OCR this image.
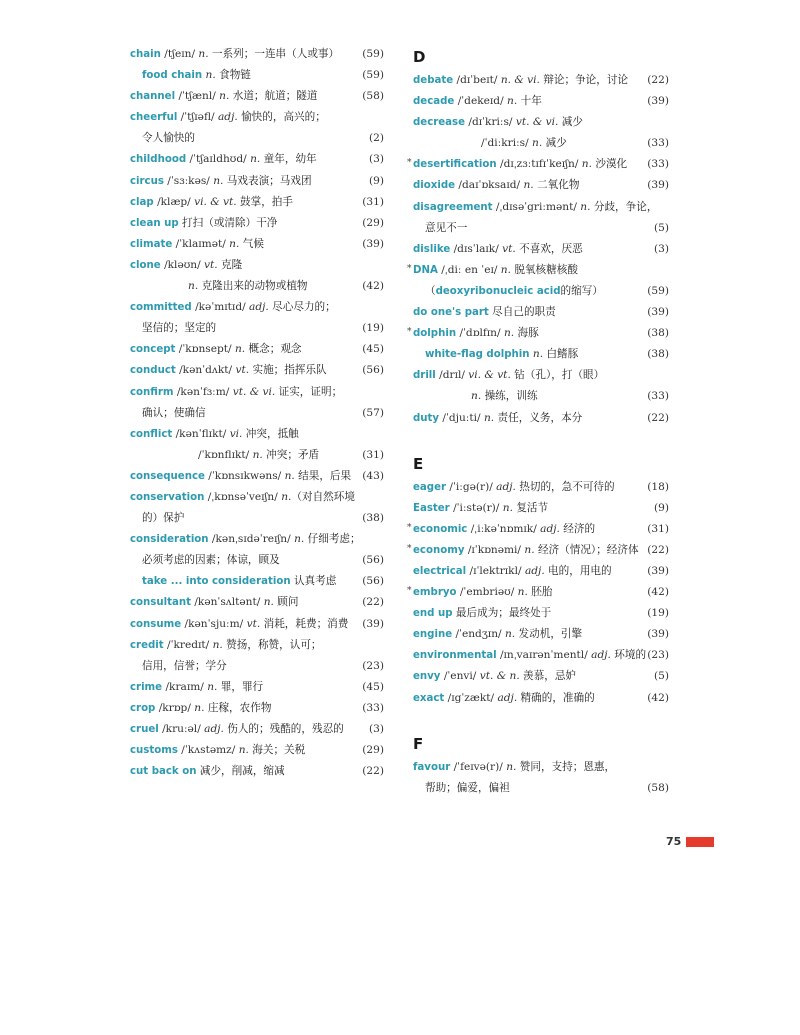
chain /tʃeɪn/ n. 一系列；一连串（人或事） (59)
food chain n. 食物链	(59)
channel /ˈtʃænl/ n. 水道；航道；隧道	(58)
cheerful /ˈtʃɪəfl/ adj. 愉快的，高兴的；
令人愉快的	(2)
childhood /ˈtʃaɪldhʊd/ n. 童年，幼年	(3)
circus /ˈsɜːkəs/ n. 马戏表演；马戏团	(9)
clap /klæp/ vi. & vt. 鼓掌，拍手	(31)
clean up 打扫（或清除）干净	(29)
climate /ˈklaɪmət/ n. 气候	(39)
clone /kləʊn/ vt. 克隆
n. 克隆出来的动物或植物	(42)
committed /kəˈmɪtɪd/ adj. 尽心尽力的；
坚信的；坚定的	(19)
concept /ˈkɒnsept/ n. 概念；观念	(45)
conduct /kənˈdʌkt/ vt. 实施；指挥乐队	(56)
confirm /kənˈfɜːm/ vt. & vi. 证实，证明；
确认；使确信	(57)
conflict /kənˈflɪkt/ vi. 冲突，抵触
/ˈkɒnflɪkt/ n. 冲突；矛盾	(31)
consequence /ˈkɒnsɪkwəns/ n. 结果，后果 (43)
conservation /ˌkɒnsəˈveɪʃn/ n.（对自然环境
的）保护	(38)
consideration /kənˌsɪdəˈreɪʃn/ n. 仔细考虑；
必须考虑的因素；体谅，顾及	(56)
take ... into consideration 认真考虑 (56)
consultant /kənˈsʌltənt/ n. 顾问	(22)
consume /kənˈsjuːm/ vt. 消耗，耗费；消费 (39)
credit /ˈkredɪt/ n. 赞扬，称赞，认可；
信用，信誉；学分	(23)
crime /kraɪm/ n. 罪，罪行	(45)
crop /krɒp/ n. 庄稼，农作物	(33)
cruel /kruːəl/ adj. 伤人的；残酷的，残忍的 (3)
customs /ˈkʌstəmz/ n. 海关；关税	(29)
cut back on 减少，削减，缩减	(22)
D
debate /dɪˈbeɪt/ n. & vi. 辩论；争论，讨论 (22)
decade /ˈdekeɪd/ n. 十年	(39)
decrease /dɪˈkriːs/ vt. & vi. 减少
/ˈdiːkriːs/ n. 减少	(33)
* desertification /dɪˌzɜːtɪfɪˈkeɪʃn/ n. 沙漠化 (33)
dioxide /daɪˈɒksaɪd/ n. 二氧化物	(39)
disagreement /ˌdɪsəˈgriːmənt/ n. 分歧，争论，
意见不一	(5)
dislike /dɪsˈlaɪk/ vt. 不喜欢，厌恶	(3)
* DNA /ˌdiː en ˈeɪ/ n. 脱氧核糖核酸
（deoxyribonucleic acid的缩写）	(59)
do one's part 尽自己的职责	(39)
* dolphin /ˈdɒlfɪn/ n. 海豚	(38)
white-flag dolphin n. 白鳍豚	(38)
drill /drɪl/ vi. & vt. 钻（孔），打（眼）
n. 操练，训练	(33)
duty /ˈdjuːti/ n. 责任，义务，本分	(22)
E
eager /ˈiːgə(r)/ adj. 热切的，急不可待的	(18)
Easter /ˈiːstə(r)/ n. 复活节	(9)
* economic /ˌiːkəˈnɒmɪk/ adj. 经济的	(31)
* economy /ɪˈkɒnəmi/ n. 经济（情况）；经济体 (22)
electrical /ɪˈlektrɪkl/ adj. 电的，用电的	(39)
* embryo /ˈembriəʊ/ n. 胚胎	(42)
end up 最后成为；最终处于	(19)
engine /ˈendʒɪn/ n. 发动机，引擎	(39)
environmental /ɪnˌvaɪrənˈmentl/ adj. 环境的 (23)
envy /ˈenvi/ vt. & n. 羡慕，忌妒	(5)
exact /ɪgˈzækt/ adj. 精确的，准确的	(42)
F
favour /ˈfeɪvə(r)/ n. 赞同，支持；恩惠，
帮助；偏爱，偏袒	(58)
75
